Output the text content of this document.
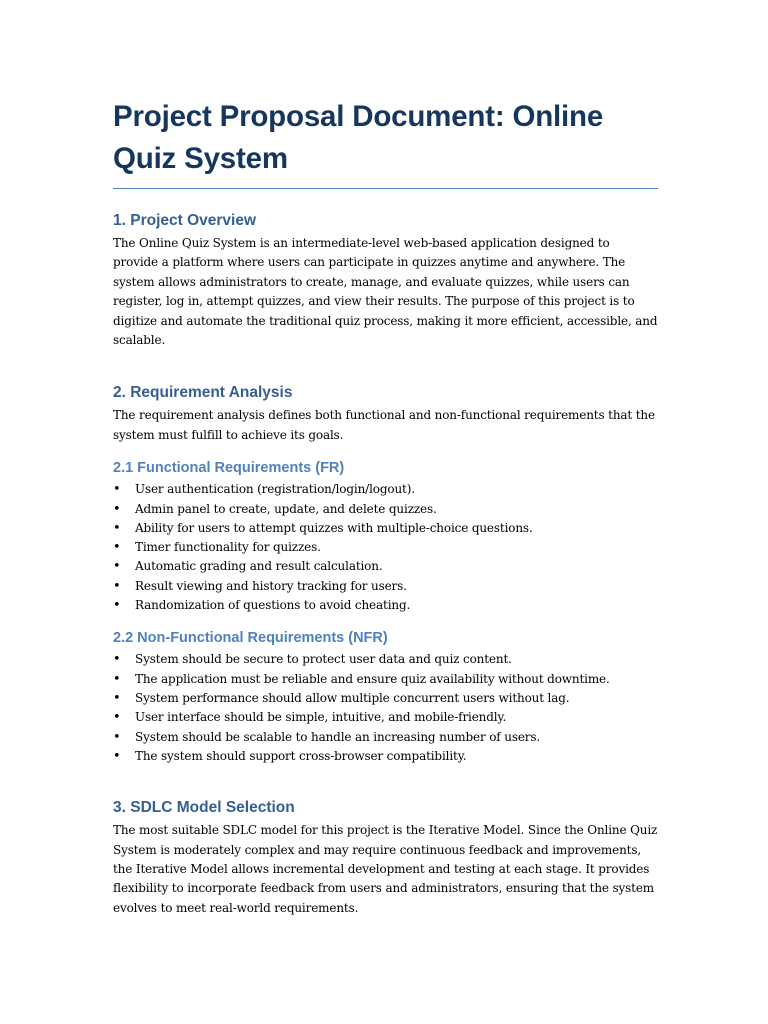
Project Proposal Document: Online Quiz System
1. Project Overview

The Online Quiz System is an intermediate-level web-based application designed to provide a platform where users can participate in quizzes anytime and anywhere. The system allows administrators to create, manage, and evaluate quizzes, while users can register, log in, attempt quizzes, and view their results. The purpose of this project is to digitize and automate the traditional quiz process, making it more efficient, accessible, and scalable.

2. Requirement Analysis

The requirement analysis defines both functional and non-functional requirements that the system must fulfill to achieve its goals.

2.1 Functional Requirements (FR)
• User authentication (registration/login/logout).
• Admin panel to create, update, and delete quizzes.
• Ability for users to attempt quizzes with multiple-choice questions.
• Timer functionality for quizzes.
• Automatic grading and result calculation.
• Result viewing and history tracking for users.
• Randomization of questions to avoid cheating.
2.2 Non-Functional Requirements (NFR)
• System should be secure to protect user data and quiz content.
• The application must be reliable and ensure quiz availability without downtime.
• System performance should allow multiple concurrent users without lag.
• User interface should be simple, intuitive, and mobile-friendly.
• System should be scalable to handle an increasing number of users.
• The system should support cross-browser compatibility.
3. SDLC Model Selection

The most suitable SDLC model for this project is the Iterative Model. Since the Online Quiz System is moderately complex and may require continuous feedback and improvements, the Iterative Model allows incremental development and testing at each stage. It provides flexibility to incorporate feedback from users and administrators, ensuring that the system evolves to meet real-world requirements.
